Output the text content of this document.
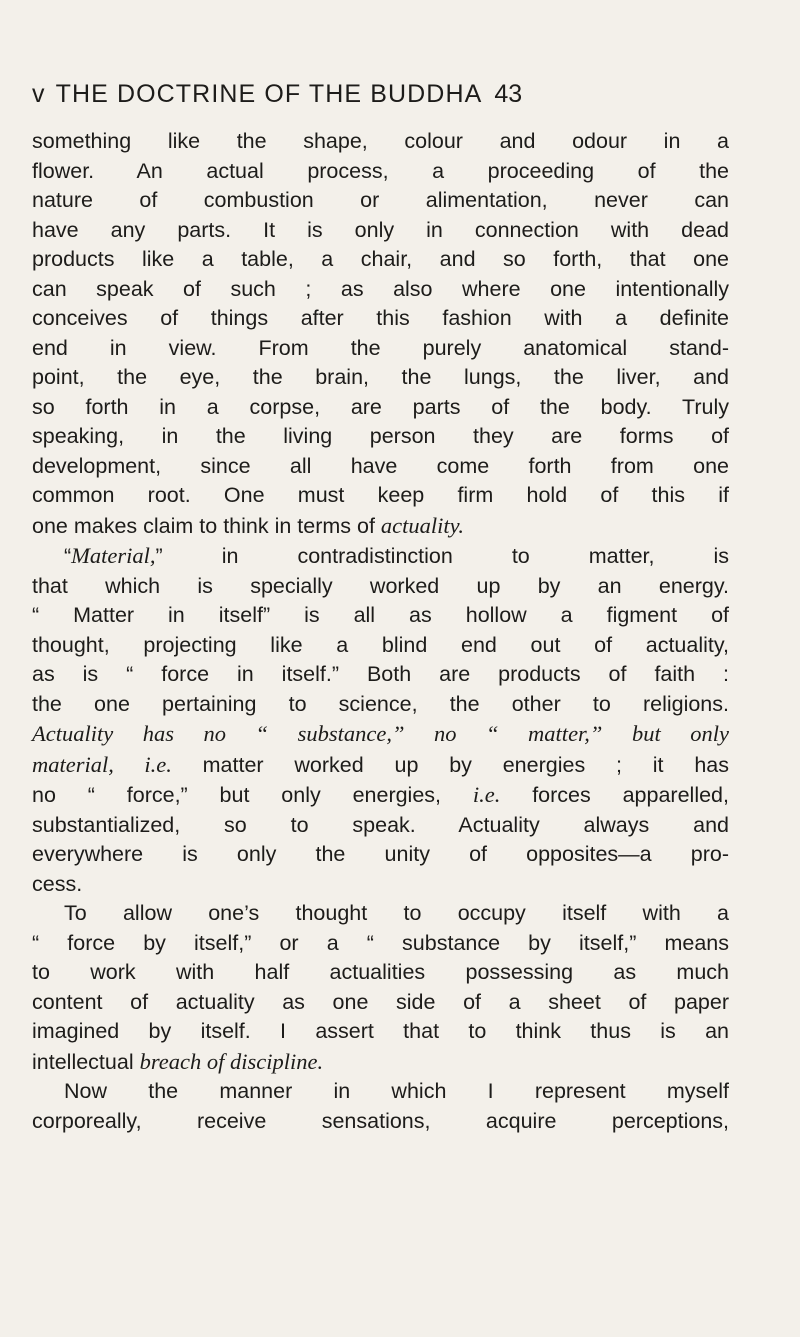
v THE DOCTRINE OF THE BUDDHA 43
something like the shape, colour and odour in a
flower. An actual process, a proceeding of the
nature of combustion or alimentation, never can
have any parts. It is only in connection with dead
products like a table, a chair, and so forth, that one
can speak of such ; as also where one intentionally
conceives of things after this fashion with a definite
end in view. From the purely anatomical stand-
point, the eye, the brain, the lungs, the liver, and
so forth in a corpse, are parts of the body. Truly
speaking, in the living person they are forms of
development, since all have come forth from one
common root. One must keep firm hold of this if
one makes claim to think in terms of actuality.
“Material,” in contradistinction to matter, is
that which is specially worked up by an energy.
“ Matter in itself” is all as hollow a figment of
thought, projecting like a blind end out of actuality,
as is “ force in itself.” Both are products of faith :
the one pertaining to science, the other to religions.
Actuality has no “ substance,” no “ matter,” but only
material, i.e. matter worked up by energies ; it has
no “ force,” but only energies, i.e. forces apparelled,
substantialized, so to speak. Actuality always and
everywhere is only the unity of opposites—a pro-
cess.
To allow one’s thought to occupy itself with a
“ force by itself,” or a “ substance by itself,” means
to work with half actualities possessing as much
content of actuality as one side of a sheet of paper
imagined by itself. I assert that to think thus is an
intellectual breach of discipline.
Now the manner in which I represent myself
corporeally, receive sensations, acquire perceptions,
